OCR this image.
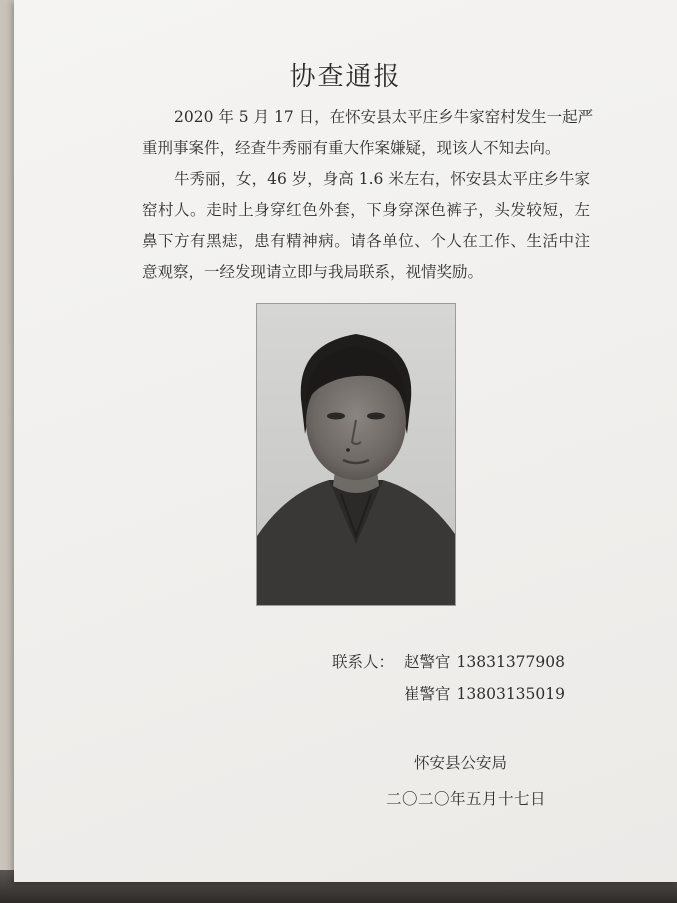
协查通报
2020 年 5 月 17 日，在怀安县太平庄乡牛家窑村发生一起严
重刑事案件，经查牛秀丽有重大作案嫌疑，现该人不知去向。
牛秀丽，女，46 岁，身高 1.6 米左右，怀安县太平庄乡牛家
窑村人。走时上身穿红色外套，下身穿深色裤子，头发较短，左
鼻下方有黑痣，患有精神病。请各单位、个人在工作、生活中注
意观察，一经发现请立即与我局联系，视情奖励。
联系人： 赵警官 13831377908
崔警官 13803135019
怀安县公安局
二〇二〇年五月十七日
